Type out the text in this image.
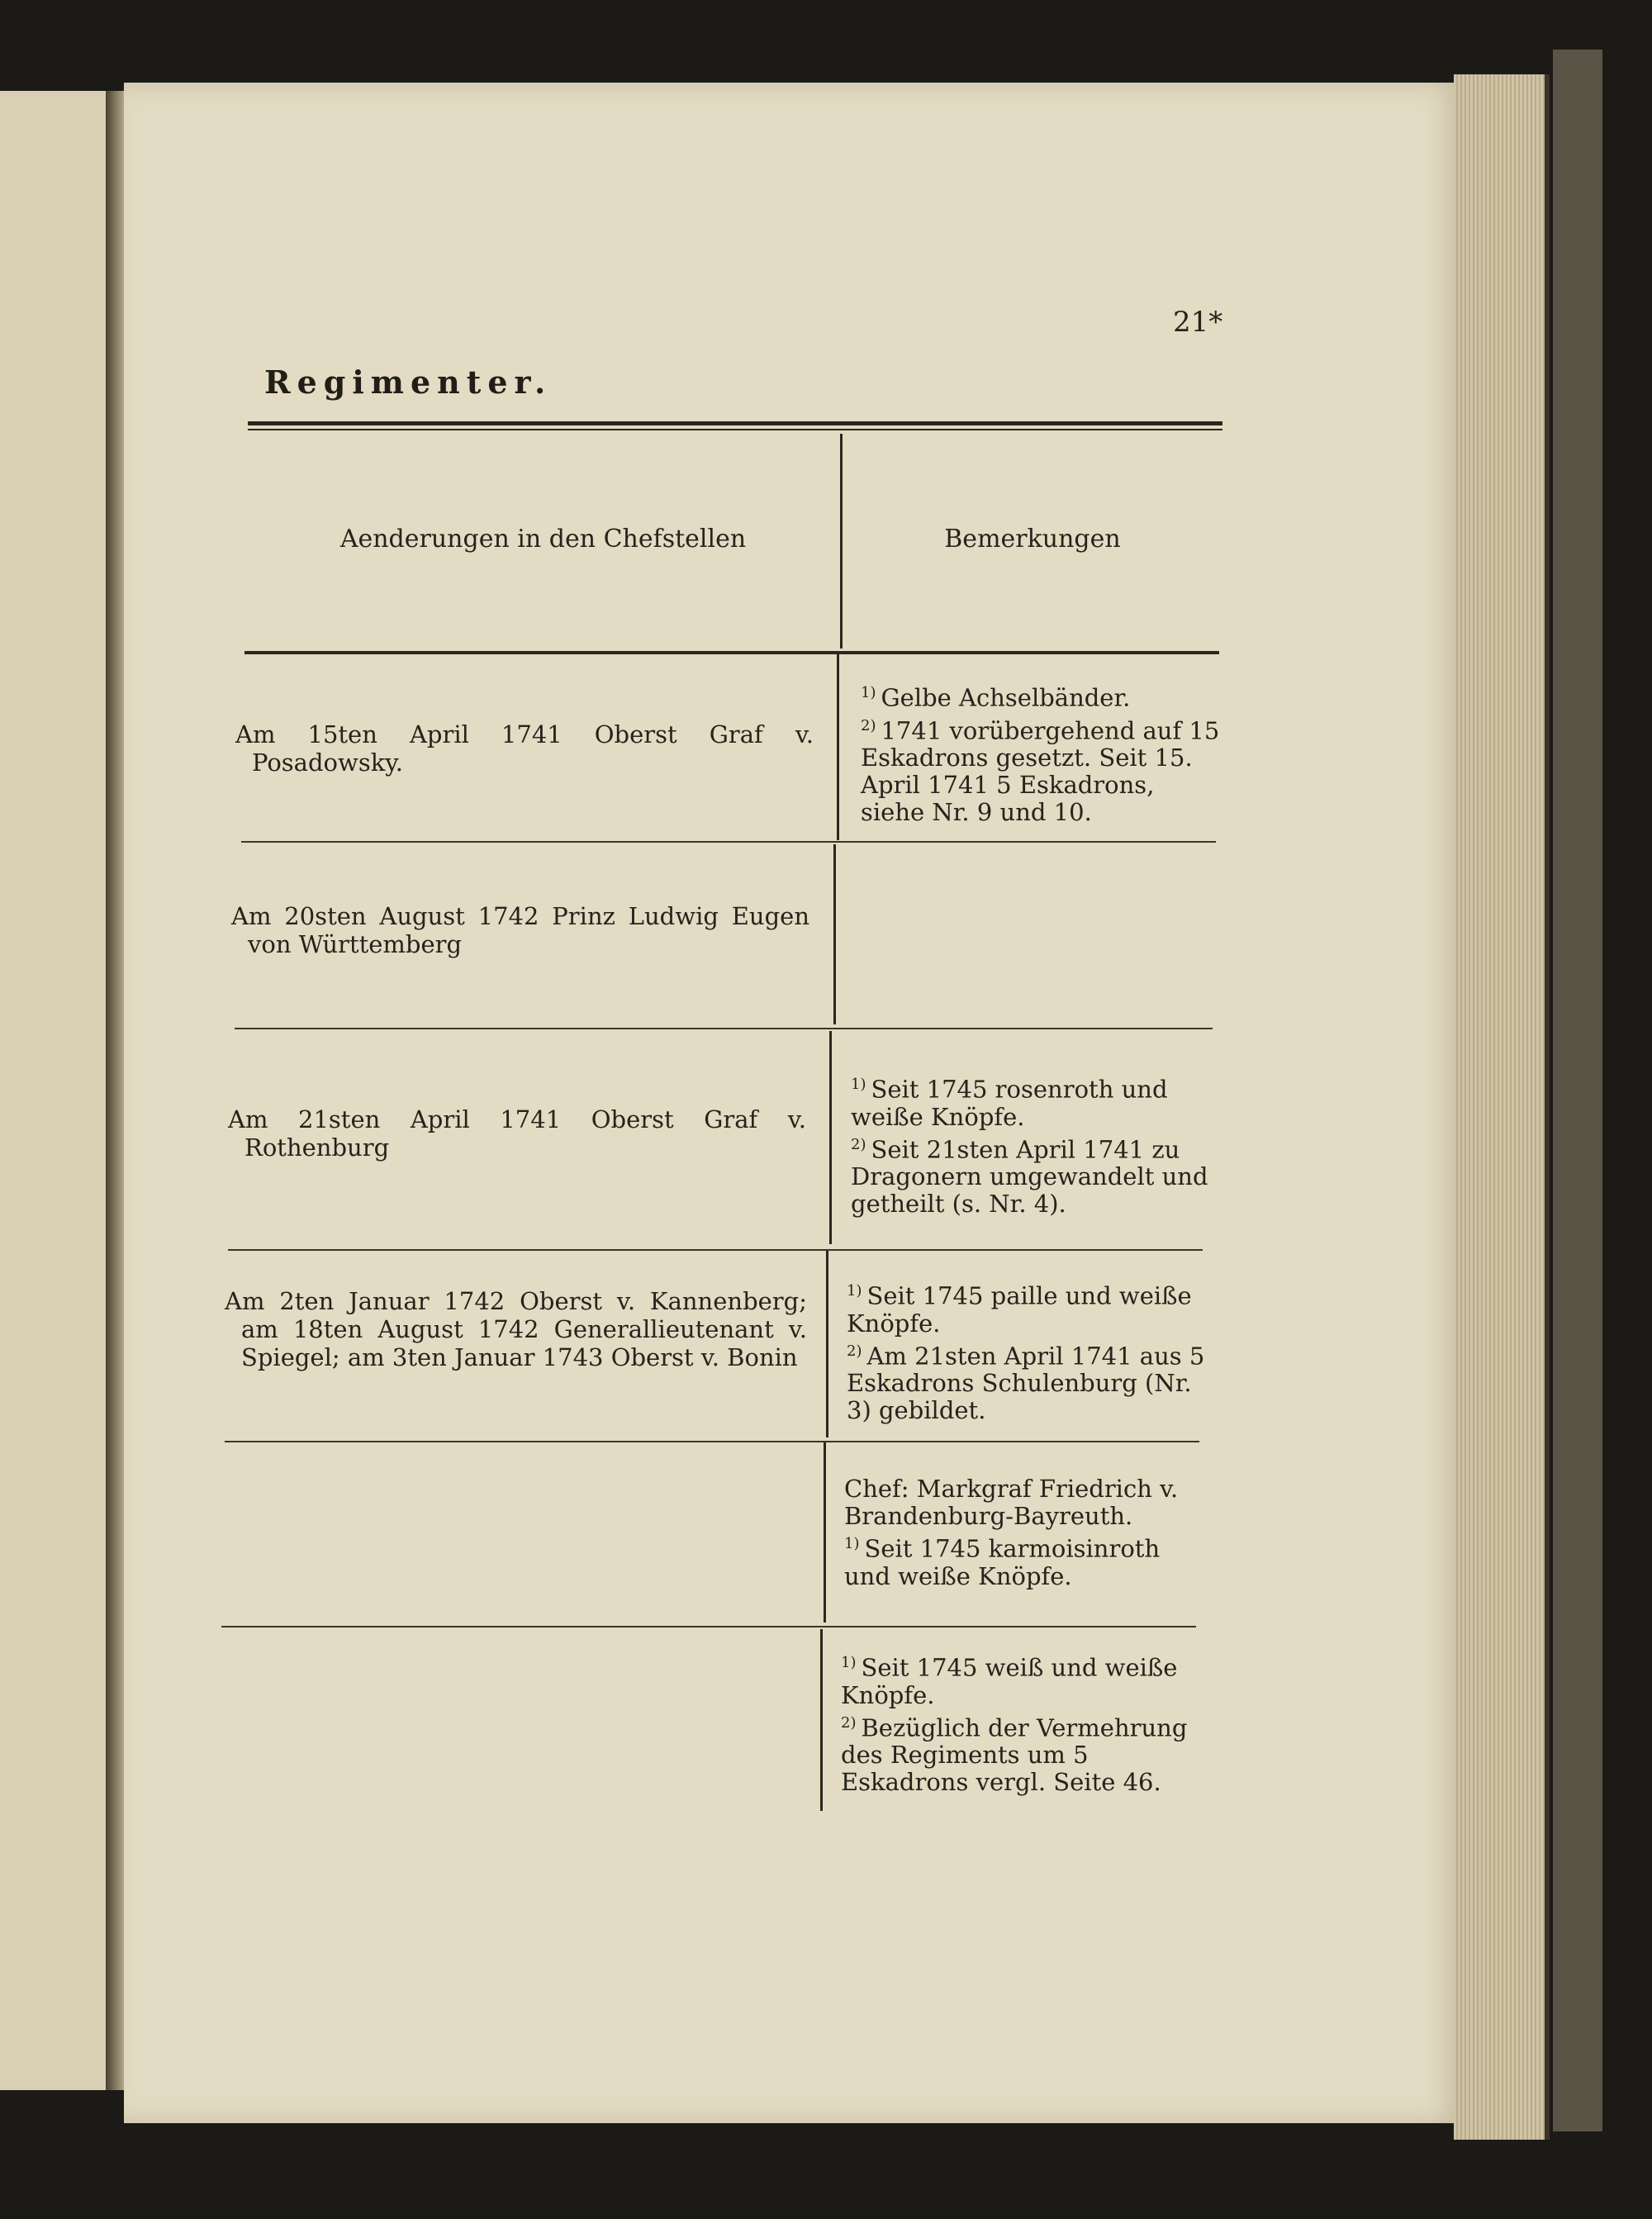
21*
Regimenter.
Aenderungen in den Chefstellen	Bemerkungen
Am 15ten April 1741 Oberst Graf v. Posadowsky.
$^{1)}$ Gelbe Achselbänder.
$^{2)}$ 1741 vorübergehend auf 15 Eskadrons gesetzt. Seit 15. April 1741 5 Eskadrons, siehe Nr. 9 und 10.
Am 20sten August 1742 Prinz Ludwig Eugen von Württemberg
Am 21sten April 1741 Oberst Graf v. Rothenburg
$^{1)}$ Seit 1745 rosenroth und weiße Knöpfe.
$^{2)}$ Seit 21sten April 1741 zu Dragonern umgewandelt und getheilt (s. Nr. 4).
Am 2ten Januar 1742 Oberst v. Kannenberg; am 18ten August 1742 Generallieutenant v. Spiegel; am 3ten Januar 1743 Oberst v. Bonin
$^{1)}$ Seit 1745 paille und weiße Knöpfe.
$^{2)}$ Am 21sten April 1741 aus 5 Eskadrons Schulenburg (Nr. 3) gebildet.
Chef: Markgraf Friedrich v. Brandenburg-Bayreuth.
$^{1)}$ Seit 1745 karmoisinroth und weiße Knöpfe.
$^{1)}$ Seit 1745 weiß und weiße Knöpfe.
$^{2)}$ Bezüglich der Vermehrung des Regiments um 5 Eskadrons vergl. Seite 46.
